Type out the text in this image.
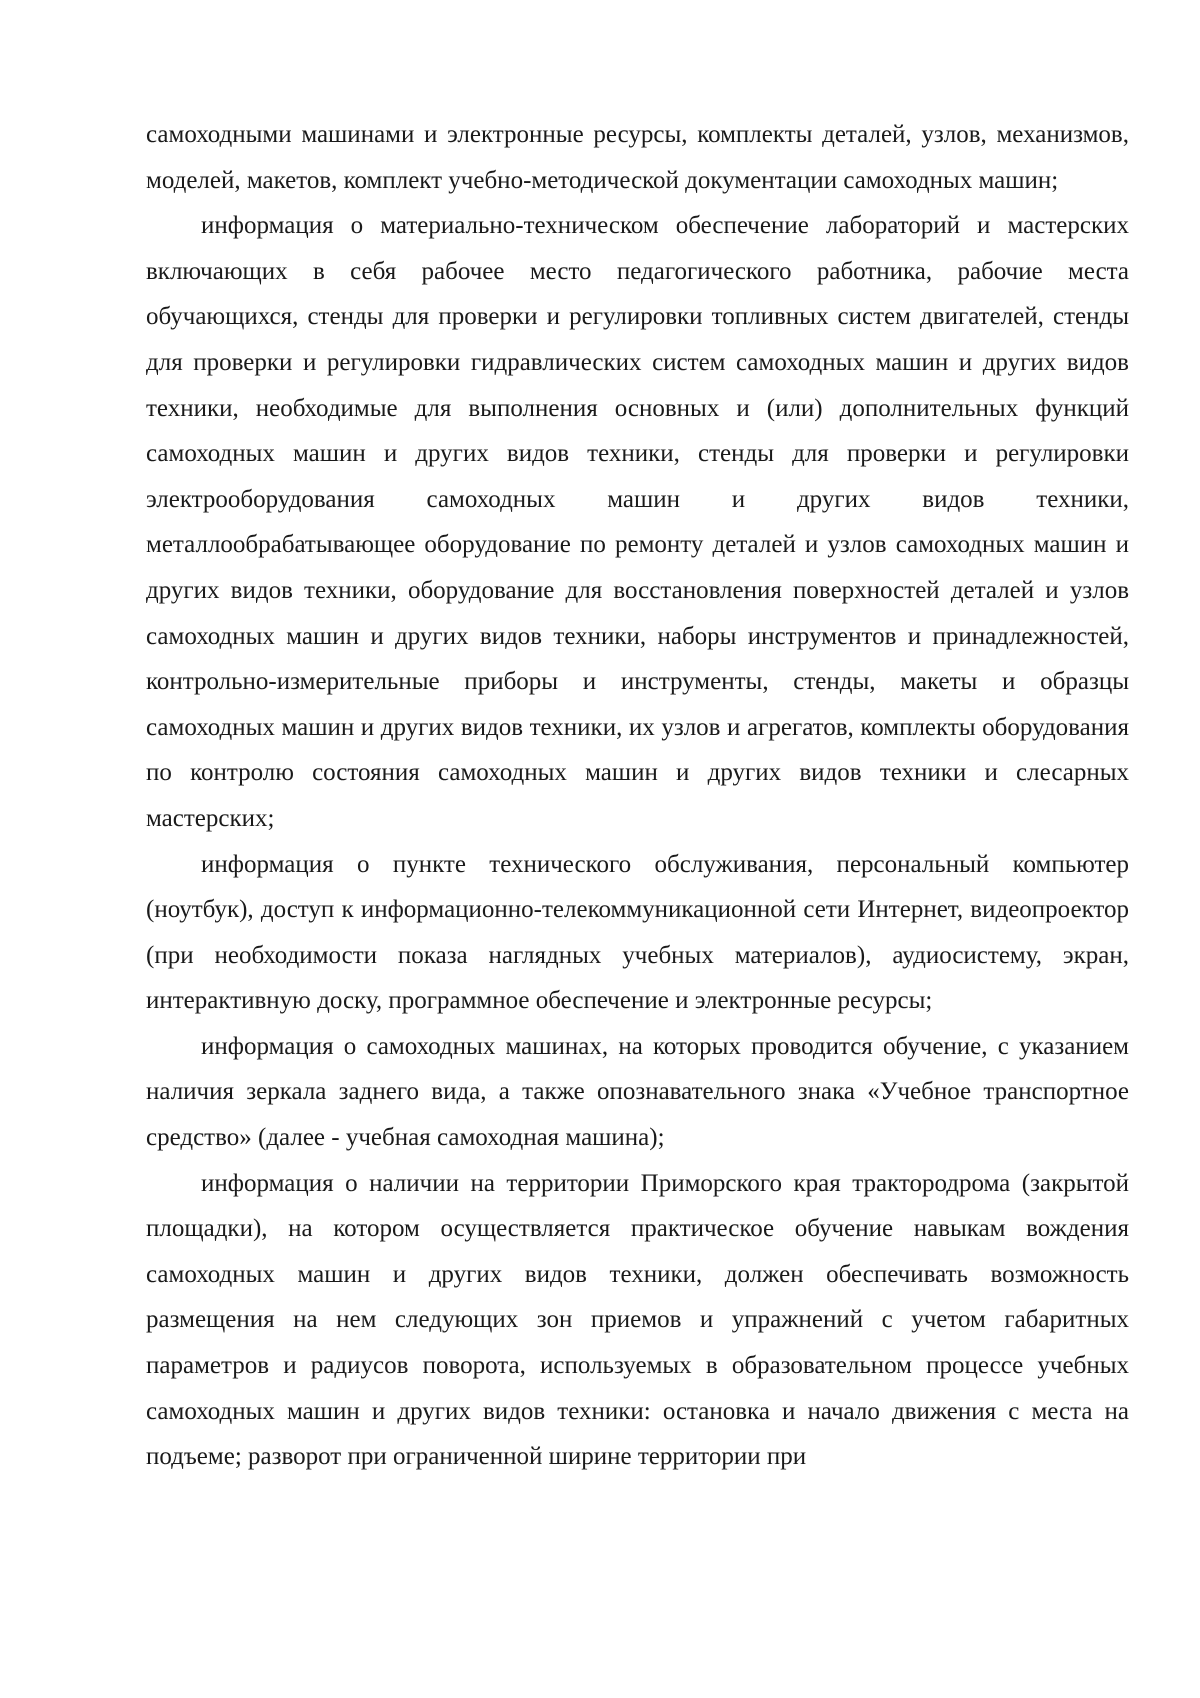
самоходными машинами и электронные ресурсы, комплекты деталей, узлов, механизмов, моделей, макетов, комплект учебно-методической документации самоходных машин;

информация о материально-техническом обеспечение лабораторий и мастерских включающих в себя рабочее место педагогического работника, рабочие места обучающихся, стенды для проверки и регулировки топливных систем двигателей, стенды для проверки и регулировки гидравлических систем самоходных машин и других видов техники, необходимые для выполнения основных и (или) дополнительных функций самоходных машин и других видов техники, стенды для проверки и регулировки электрооборудования самоходных машин и других видов техники, металлообрабатывающее оборудование по ремонту деталей и узлов самоходных машин и других видов техники, оборудование для восстановления поверхностей деталей и узлов самоходных машин и других видов техники, наборы инструментов и принадлежностей, контрольно-измерительные приборы и инструменты, стенды, макеты и образцы самоходных машин и других видов техники, их узлов и агрегатов, комплекты оборудования по контролю состояния самоходных машин и других видов техники и слесарных мастерских;

информация о пункте технического обслуживания, персональный компьютер (ноутбук), доступ к информационно-телекоммуникационной сети Интернет, видеопроектор (при необходимости показа наглядных учебных материалов), аудиосистему, экран, интерактивную доску, программное обеспечение и электронные ресурсы;

информация о самоходных машинах, на которых проводится обучение, с указанием наличия зеркала заднего вида, а также опознавательного знака «Учебное транспортное средство» (далее - учебная самоходная машина);

информация о наличии на территории Приморского края трактородрома (закрытой площадки), на котором осуществляется практическое обучение навыкам вождения самоходных машин и других видов техники, должен обеспечивать возможность размещения на нем следующих зон приемов и упражнений с учетом габаритных параметров и радиусов поворота, используемых в образовательном процессе учебных самоходных машин и других видов техники: остановка и начало движения с места на подъеме; разворот при ограниченной ширине территории при
